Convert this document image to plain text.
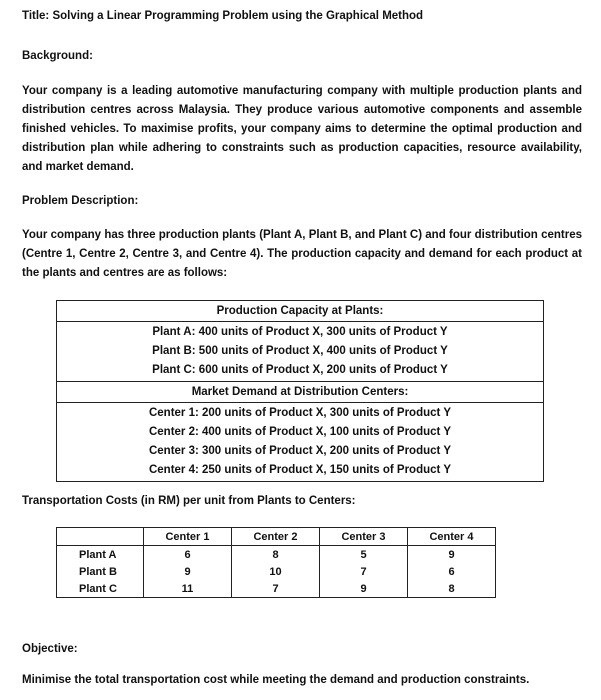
Title: Solving a Linear Programming Problem using the Graphical Method
Background:
Your company is a leading automotive manufacturing company with multiple production plants and distribution centres across Malaysia. They produce various automotive components and assemble finished vehicles. To maximise profits, your company aims to determine the optimal production and distribution plan while adhering to constraints such as production capacities, resource availability, and market demand.
Problem Description:
Your company has three production plants (Plant A, Plant B, and Plant C) and four distribution centres (Centre 1, Centre 2, Centre 3, and Centre 4). The production capacity and demand for each product at the plants and centres are as follows:
Production Capacity at Plants:
Plant A: 400 units of Product X, 300 units of Product Y
Plant B: 500 units of Product X, 400 units of Product Y
Plant C: 600 units of Product X, 200 units of Product Y
Market Demand at Distribution Centers:
Center 1: 200 units of Product X, 300 units of Product Y
Center 2: 400 units of Product X, 100 units of Product Y
Center 3: 300 units of Product X, 200 units of Product Y
Center 4: 250 units of Product X, 150 units of Product Y
Transportation Costs (in RM) per unit from Plants to Centers:
	Center 1	Center 2	Center 3	Center 4
Plant A	6	8	5	9
Plant B	9	10	7	6
Plant C	11	7	9	8
Objective:
Minimise the total transportation cost while meeting the demand and production constraints.
